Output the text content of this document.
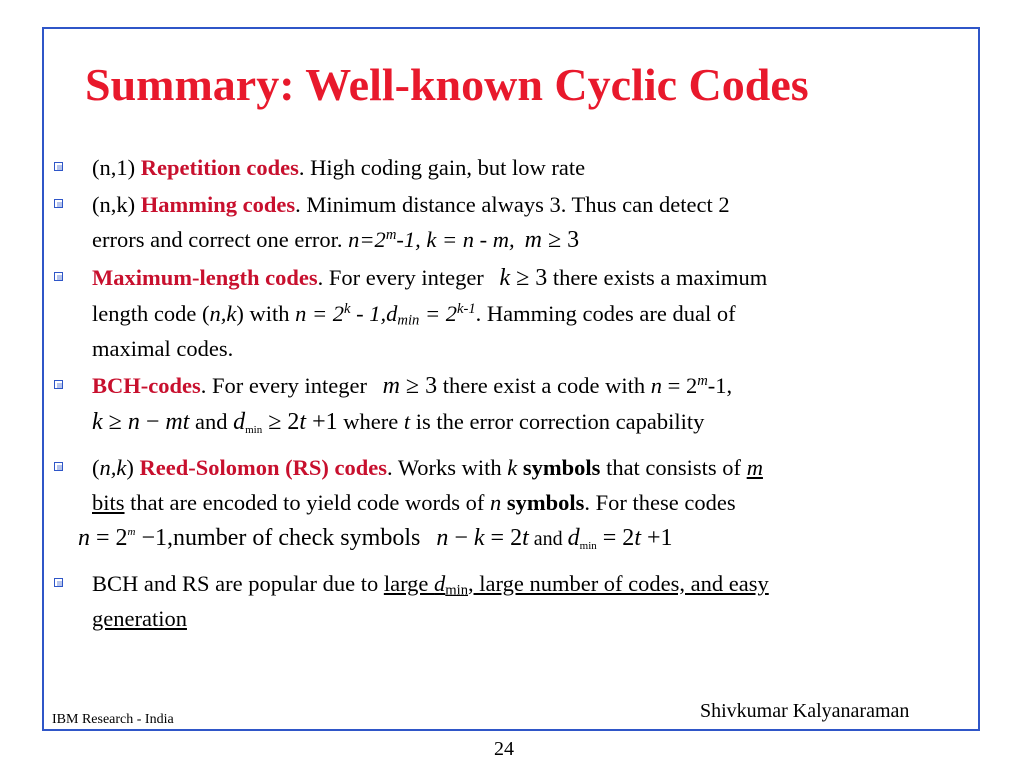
Summary: Well-known Cyclic Codes
(n,1) Repetition codes. High coding gain, but low rate
(n,k) Hamming codes. Minimum distance always 3. Thus can detect 2
errors and correct one error. $n=2^m-1$, k = n - m, m ≥ 3
Maximum-length codes. For every integer k ≥ 3 there exists a maximum
length code (n,k) with $n = 2^k - 1,d_{min} = 2^{k-1}$. Hamming codes are dual of
maximal codes.
BCH-codes. For every integer m ≥ 3 there exist a code with $n = 2^m-1$,
k ≥ n − mt and dmin ≥ 2t +1 where t is the error correction capability
(n,k) Reed-Solomon (RS) codes. Works with k symbols that consists of m
bits that are encoded to yield code words of n symbols. For these codes
$n = 2^m$ −1,number of check symbols n − k = 2t and dmin = 2t +1
BCH and RS are popular due to large $d_{min}$, large number of codes, and easy
generation
IBM Research - India	Shivkumar Kalyanaraman
24
